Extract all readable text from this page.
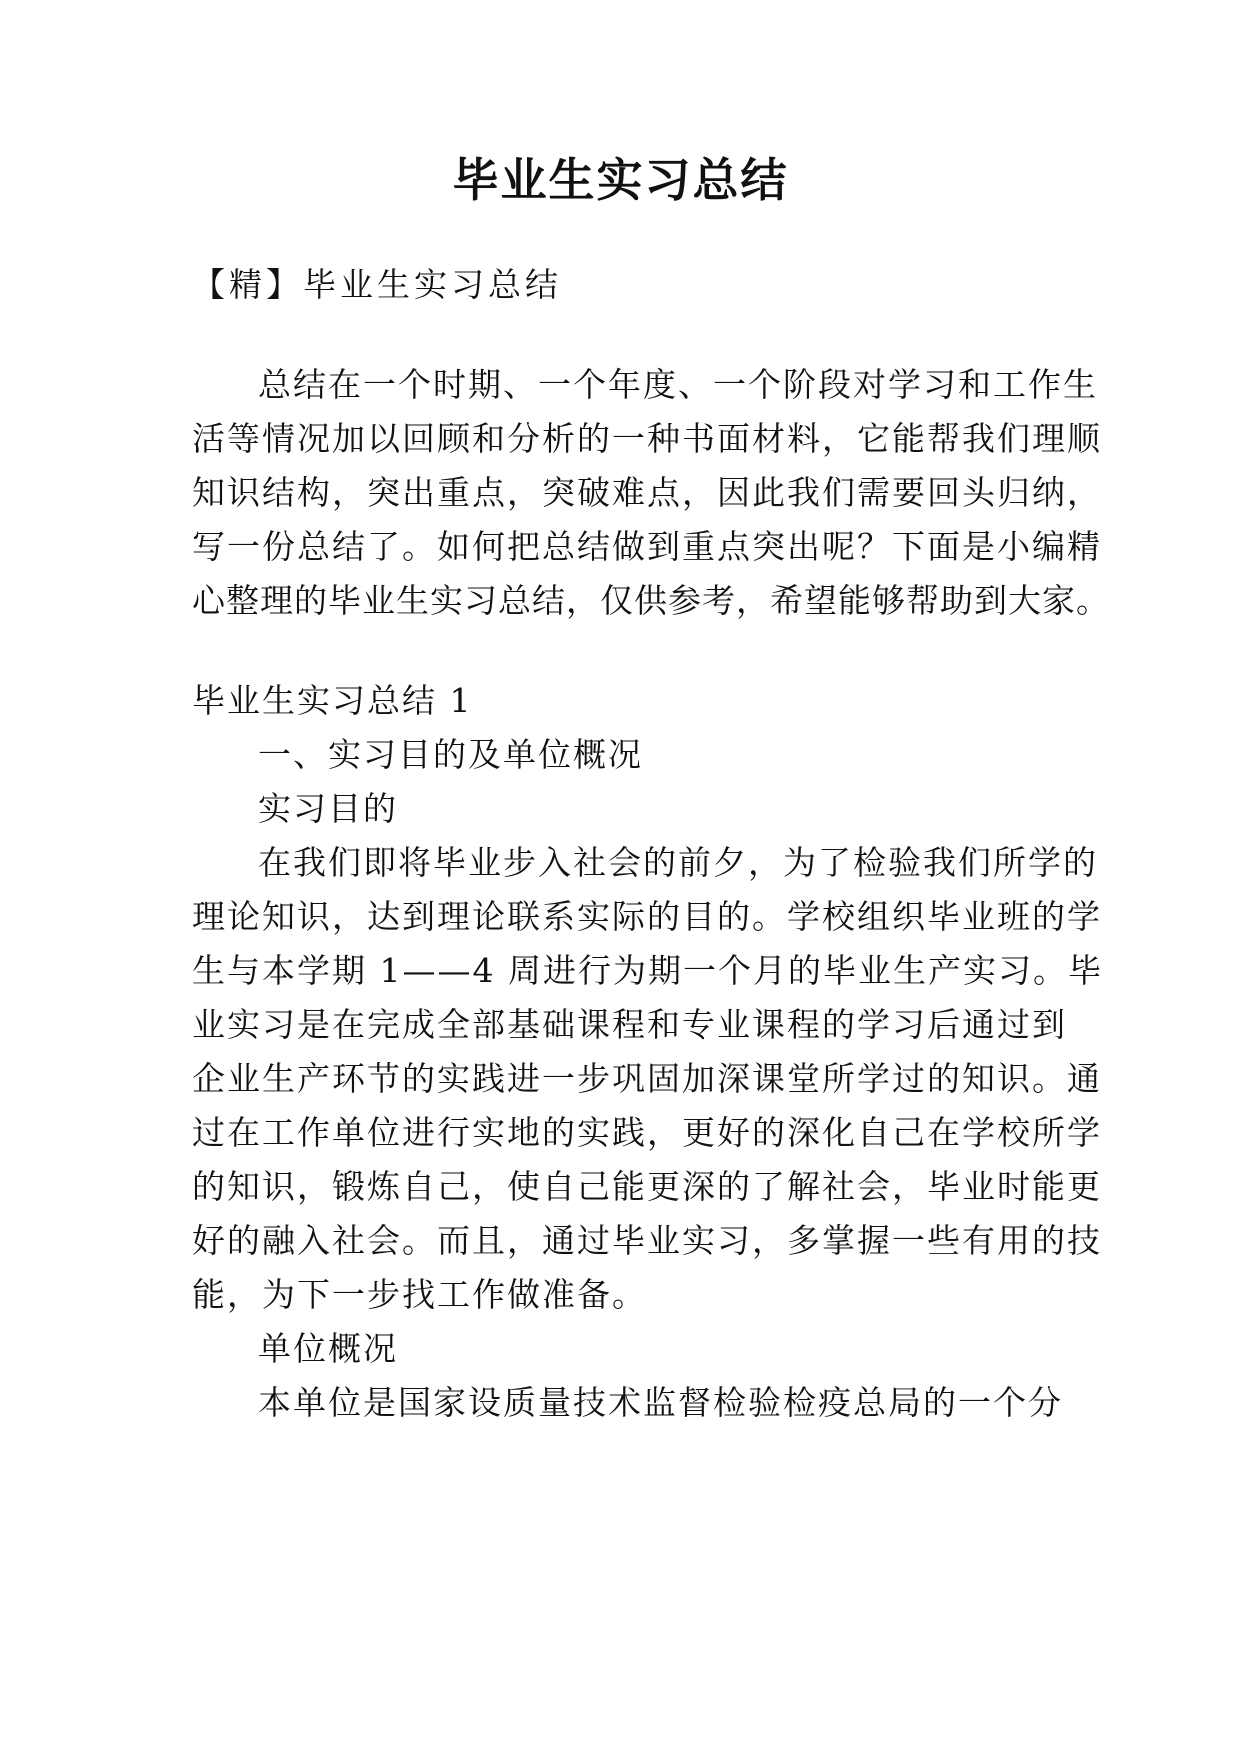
毕业生实习总结
【精】毕业生实习总结
总结在一个时期、一个年度、一个阶段对学习和工作生
活等情况加以回顾和分析的一种书面材料，它能帮我们理顺
知识结构，突出重点，突破难点，因此我们需要回头归纳，
写一份总结了。如何把总结做到重点突出呢？下面是小编精
心整理的毕业生实习总结，仅供参考，希望能够帮助到大家。
毕业生实习总结 1
一、实习目的及单位概况
实习目的
在我们即将毕业步入社会的前夕，为了检验我们所学的
理论知识，达到理论联系实际的目的。学校组织毕业班的学
生与本学期 1——4 周进行为期一个月的毕业生产实习。毕
业实习是在完成全部基础课程和专业课程的学习后通过到
企业生产环节的实践进一步巩固加深课堂所学过的知识。通
过在工作单位进行实地的实践，更好的深化自己在学校所学
的知识，锻炼自己，使自己能更深的了解社会，毕业时能更
好的融入社会。而且，通过毕业实习，多掌握一些有用的技
能，为下一步找工作做准备。
单位概况
本单位是国家设质量技术监督检验检疫总局的一个分
